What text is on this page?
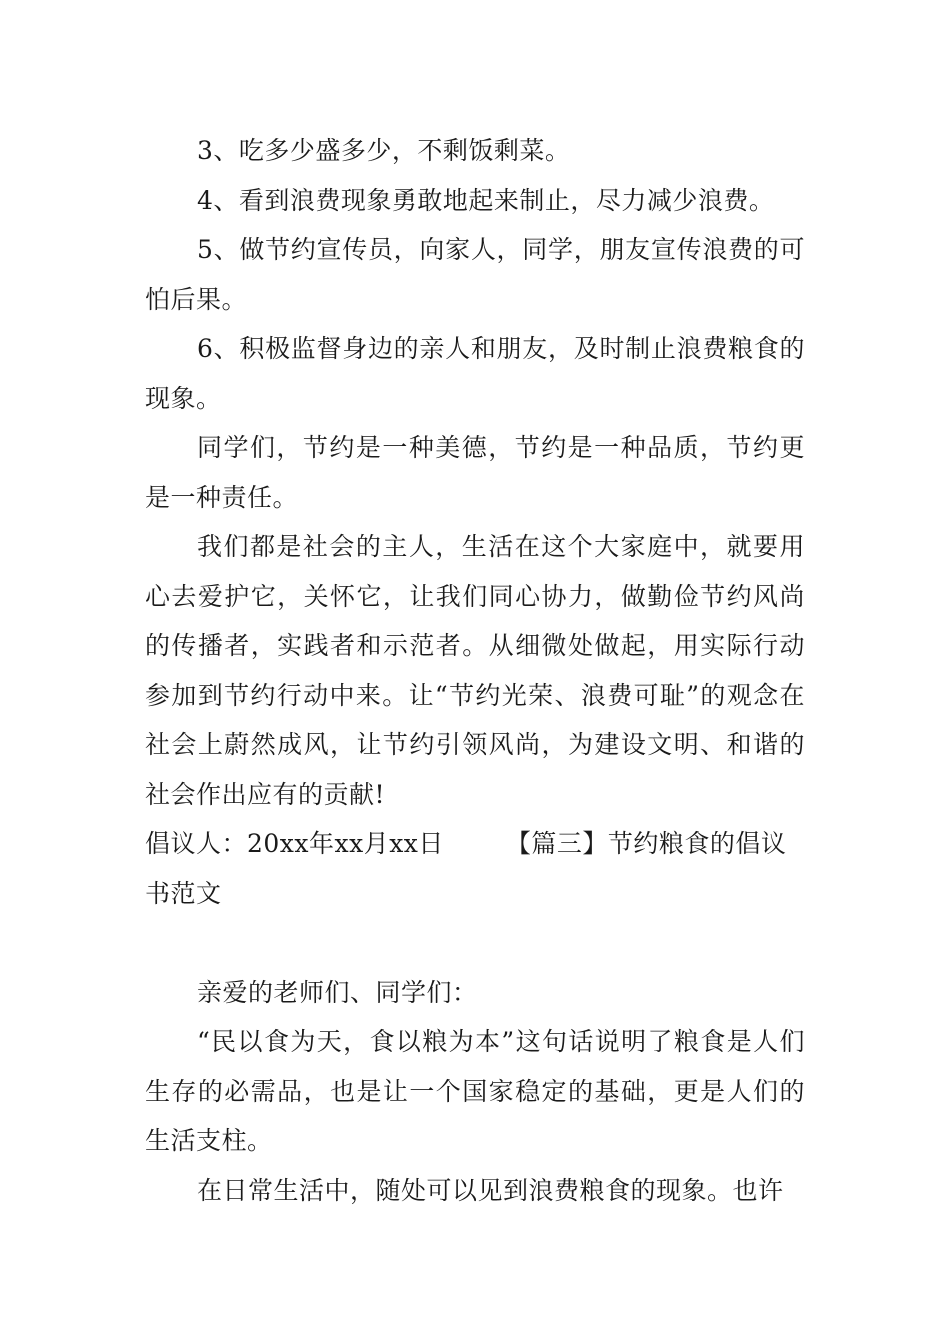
3、吃多少盛多少，不剩饭剩菜。

4、看到浪费现象勇敢地起来制止，尽力减少浪费。

5、做节约宣传员，向家人，同学，朋友宣传浪费的可怕后果。

6、积极监督身边的亲人和朋友，及时制止浪费粮食的现象。

同学们，节约是一种美德，节约是一种品质，节约更是一种责任。

我们都是社会的主人，生活在这个大家庭中，就要用心去爱护它，关怀它，让我们同心协力，做勤俭节约风尚的传播者，实践者和示范者。从细微处做起，用实际行动参加到节约行动中来。让“节约光荣、浪费可耻”的观念在社会上蔚然成风，让节约引领风尚，为建设文明、和谐的社会作出应有的贡献!

倡议人：20xx年xx月xx日 【篇三】节约粮食的倡议书范文

亲爱的老师们、同学们：

“民以食为天，食以粮为本”这句话说明了粮食是人们生存的必需品，也是让一个国家稳定的基础，更是人们的生活支柱。

在日常生活中，随处可以见到浪费粮食的现象。也许
